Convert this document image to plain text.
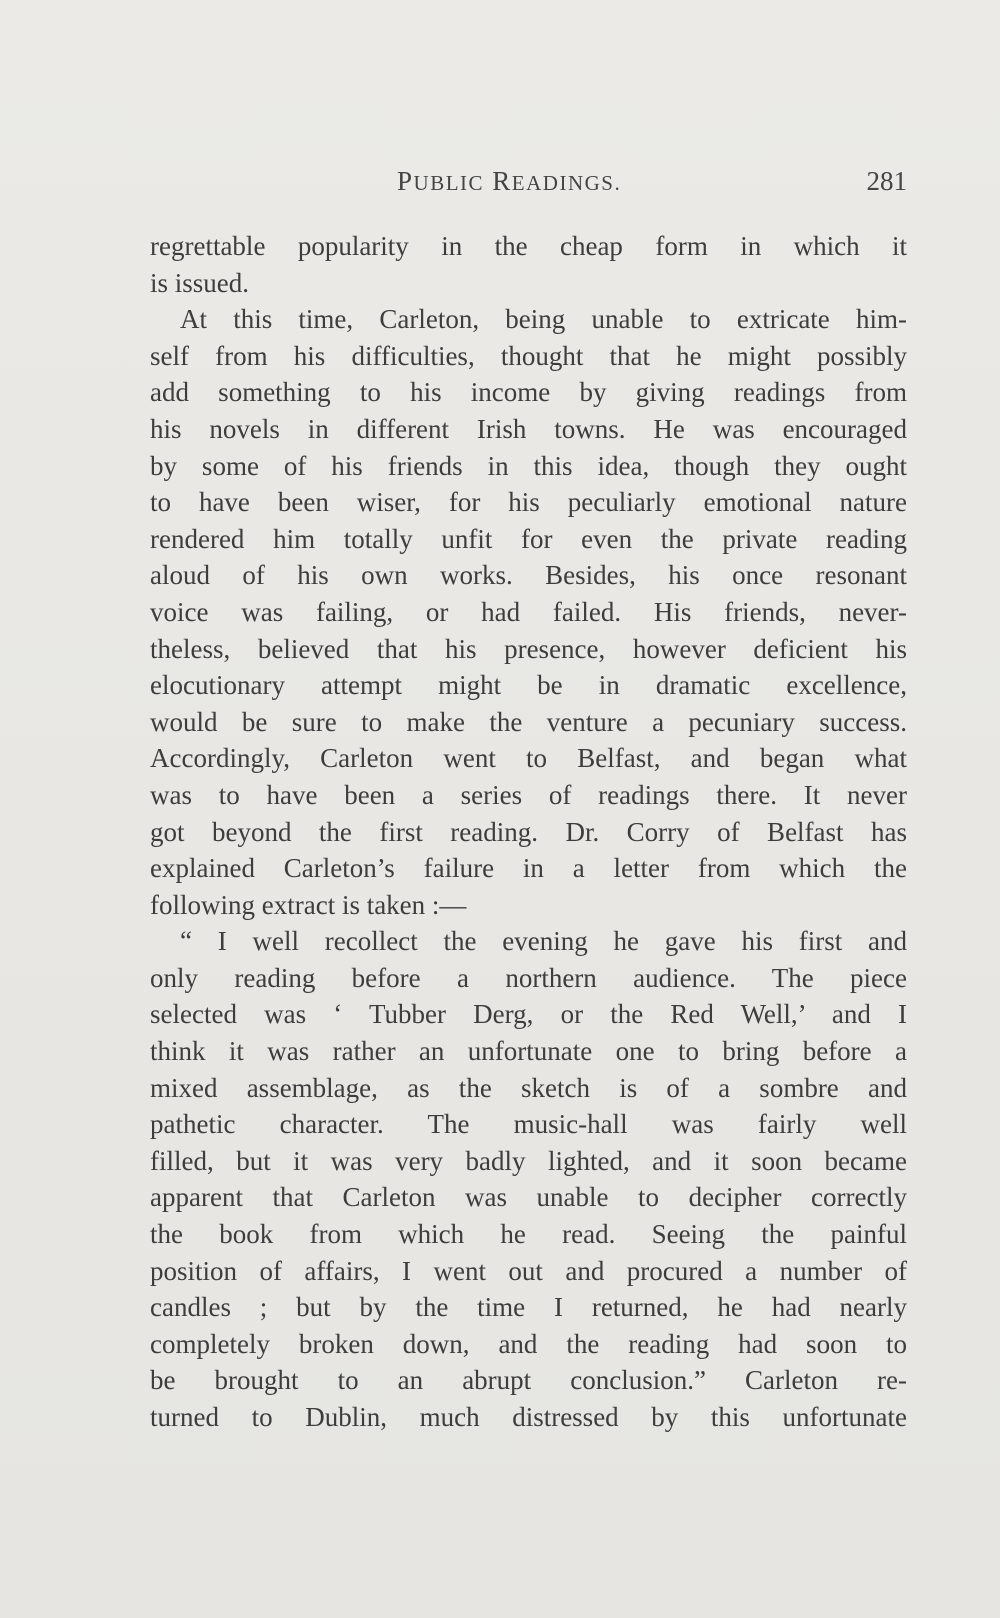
PUBLIC READINGS.	281
regrettable popularity in the cheap form in which it
is issued.
At this time, Carleton, being unable to extricate him-
self from his difficulties, thought that he might possibly
add something to his income by giving readings from
his novels in different Irish towns. He was encouraged
by some of his friends in this idea, though they ought
to have been wiser, for his peculiarly emotional nature
rendered him totally unfit for even the private reading
aloud of his own works. Besides, his once resonant
voice was failing, or had failed. His friends, never-
theless, believed that his presence, however deficient his
elocutionary attempt might be in dramatic excellence,
would be sure to make the venture a pecuniary success.
Accordingly, Carleton went to Belfast, and began what
was to have been a series of readings there. It never
got beyond the first reading. Dr. Corry of Belfast has
explained Carleton’s failure in a letter from which the
following extract is taken :—
“ I well recollect the evening he gave his first and
only reading before a northern audience. The piece
selected was ‘ Tubber Derg, or the Red Well,’ and I
think it was rather an unfortunate one to bring before a
mixed assemblage, as the sketch is of a sombre and
pathetic character. The music-hall was fairly well
filled, but it was very badly lighted, and it soon became
apparent that Carleton was unable to decipher correctly
the book from which he read. Seeing the painful
position of affairs, I went out and procured a number of
candles ; but by the time I returned, he had nearly
completely broken down, and the reading had soon to
be brought to an abrupt conclusion.” Carleton re-
turned to Dublin, much distressed by this unfortunate
